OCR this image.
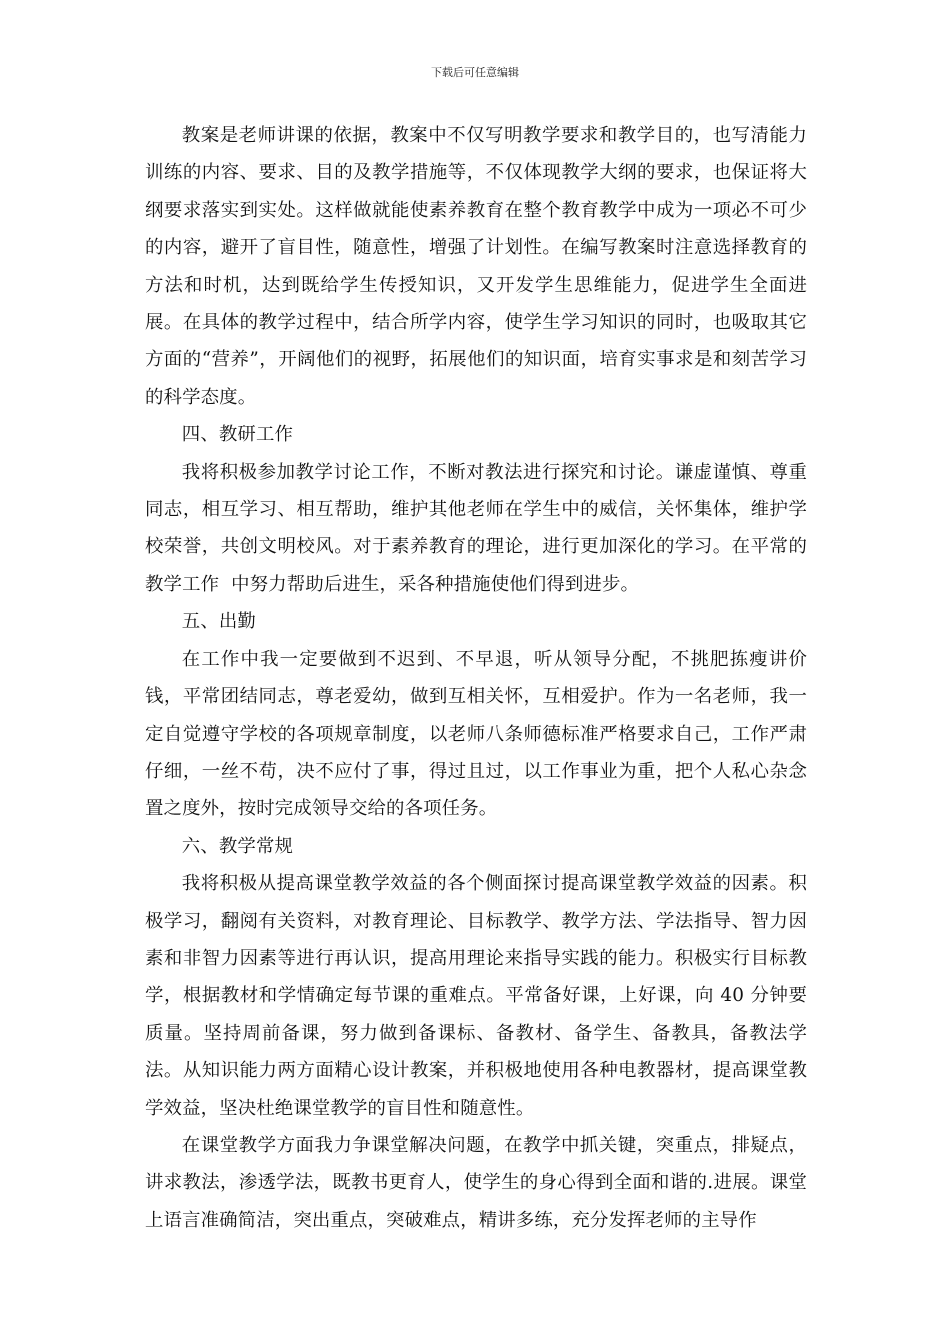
下载后可任意编辑

教案是老师讲课的依据，教案中不仅写明教学要求和教学目的，也写清能力训练的内容、要求、目的及教学措施等，不仅体现教学大纲的要求，也保证将大纲要求落实到实处。这样做就能使素养教育在整个教育教学中成为一项必不可少的内容，避开了盲目性，随意性，增强了计划性。在编写教案时注意选择教育的方法和时机，达到既给学生传授知识，又开发学生思维能力，促进学生全面进展。在具体的教学过程中，结合所学内容，使学生学习知识的同时，也吸取其它方面的“营养”，开阔他们的视野，拓展他们的知识面，培育实事求是和刻苦学习的科学态度。

四、教研工作

我将积极参加教学讨论工作，不断对教法进行探究和讨论。谦虚谨慎、尊重同志，相互学习、相互帮助，维护其他老师在学生中的威信，关怀集体，维护学校荣誉，共创文明校风。对于素养教育的理论，进行更加深化的学习。在平常的教学工作  中努力帮助后进生，采各种措施使他们得到进步。

五、出勤

在工作中我一定要做到不迟到、不早退，听从领导分配，不挑肥拣瘦讲价钱，平常团结同志，尊老爱幼，做到互相关怀，互相爱护。作为一名老师，我一定自觉遵守学校的各项规章制度，以老师八条师德标准严格要求自己，工作严肃仔细，一丝不苟，决不应付了事，得过且过，以工作事业为重，把个人私心杂念置之度外，按时完成领导交给的各项任务。

六、教学常规

我将积极从提高课堂教学效益的各个侧面探讨提高课堂教学效益的因素。积极学习，翻阅有关资料，对教育理论、目标教学、教学方法、学法指导、智力因素和非智力因素等进行再认识，提高用理论来指导实践的能力。积极实行目标教学，根据教材和学情确定每节课的重难点。平常备好课，上好课，向 40 分钟要质量。坚持周前备课，努力做到备课标、备教材、备学生、备教具，备教法学法。从知识能力两方面精心设计教案，并积极地使用各种电教器材，提高课堂教学效益，坚决杜绝课堂教学的盲目性和随意性。

在课堂教学方面我力争课堂解决问题，在教学中抓关键，突重点，排疑点，讲求教法，渗透学法，既教书更育人，使学生的身心得到全面和谐的.进展。课堂上语言准确简洁，突出重点，突破难点，精讲多练，充分发挥老师的主导作
